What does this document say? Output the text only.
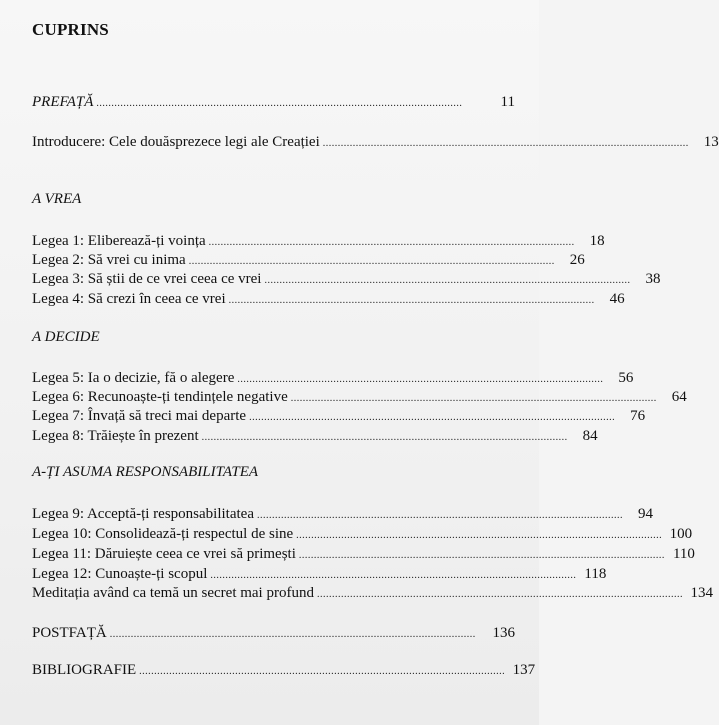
CUPRINS
PREFAȚĂ ..........................................................................................................................	11
Introducere: Cele douăsprezece legi ale Creației ..........................................................................................................................	13
A VREA
Legea 1: Eliberează-ți voința ..........................................................................................................................	18
Legea 2: Să vrei cu inima ..........................................................................................................................	26
Legea 3: Să știi de ce vrei ceea ce vrei ..........................................................................................................................	38
Legea 4: Să crezi în ceea ce vrei ..........................................................................................................................	46
A DECIDE
Legea 5: Ia o decizie, fă o alegere ..........................................................................................................................	56
Legea 6: Recunoaște-ți tendințele negative ..........................................................................................................................	64
Legea 7: Învață să treci mai departe ..........................................................................................................................	76
Legea 8: Trăiește în prezent ..........................................................................................................................	84
A-ȚI ASUMA RESPONSABILITATEA
Legea 9: Acceptă-ți responsabilitatea ..........................................................................................................................	94
Legea 10: Consolidează-ți respectul de sine .......................................................................................................................... 100
Legea 11: Dăruiește ceea ce vrei să primești .......................................................................................................................... 110
Legea 12: Cunoaște-ți scopul .......................................................................................................................... 118
Meditația având ca temă un secret mai profund .......................................................................................................................... 134
POSTFAȚĂ ..........................................................................................................................	136
BIBLIOGRAFIE .......................................................................................................................... 137
